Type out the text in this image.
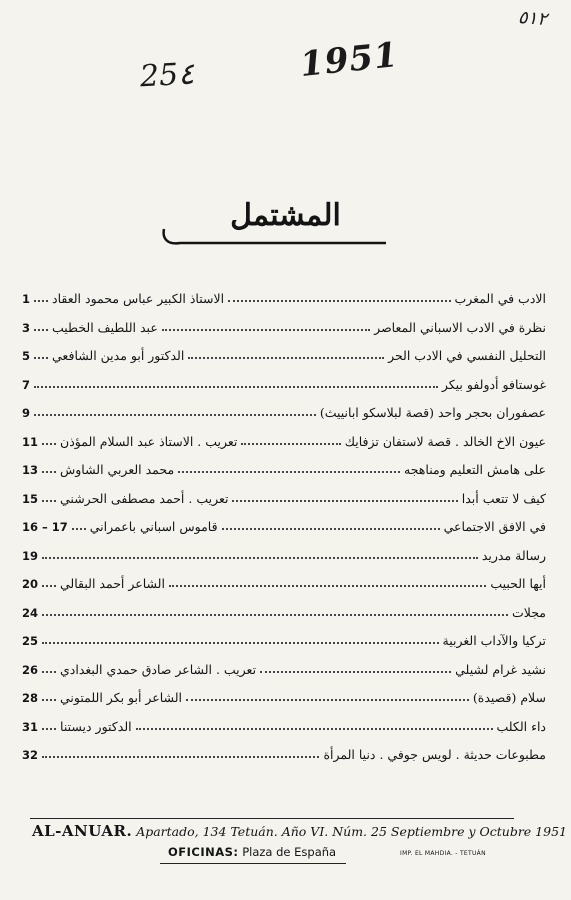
٥١٢
25٤	1951
المشتمل
الادب في المغرب
الاستاذ الكبير عباس محمود العقاد
1
نظرة في الادب الاسباني المعاصر
عبد اللطيف الخطيب
3
التحليل النفسي في الادب الحر
الدكتور أبو مدين الشافعي
5
غوستافو أدولفو بيكر
7
عصفوران بحجر واحد (قصة لبلاسكو ابانييث)
9
عيون الاخ الخالد . قصة لاستفان تزفايك
تعريب . الاستاذ عبد السلام المؤذن
11
على هامش التعليم ومناهجه
محمد العربي الشاوش
13
كيف لا تتعب أبدا
تعريب . أحمد مصطفى الحرشني
15
في الافق الاجتماعي
قاموس اسباني باعمراني
16 – 17
رسالة مدريد
19
أيها الحبيب
الشاعر أحمد البقالي
20
مجلات
24
تركيا والآداب الغربية
25
نشيد غرام لشيلي
تعريب . الشاعر صادق حمدي البغدادي
26
سلام (قصيدة)
الشاعر أبو بكر اللمتوني
28
داء الكلب
الدكتور ديستنا
31
مطبوعات حديثة . لويس جوفي . دنيا المرأة
32
AL-ANUAR. Apartado, 134 Tetuán. Año VI. Núm. 25 Septiembre y Octubre 1951
OFICINAS: Plaza de España	IMP. EL MAHDIA. - TETUÁN
